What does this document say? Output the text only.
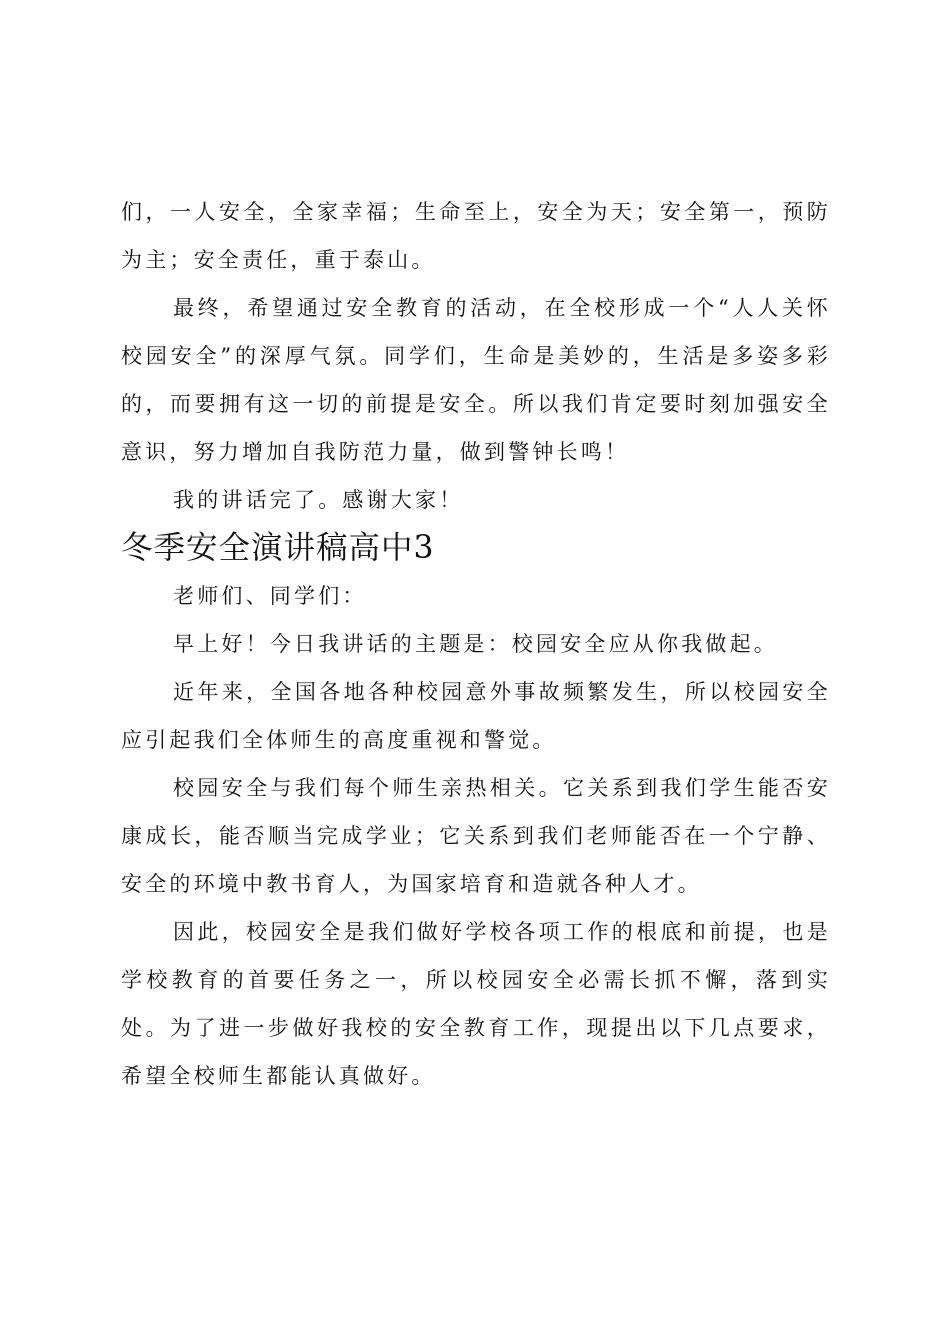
们，一人安全，全家幸福；生命至上，安全为天；安全第一，预防为主；安全责任，重于泰山。

最终，希望通过安全教育的活动，在全校形成一个“人人关怀校园安全”的深厚气氛。同学们，生命是美妙的，生活是多姿多彩的，而要拥有这一切的前提是安全。所以我们肯定要时刻加强安全意识，努力增加自我防范力量，做到警钟长鸣！

我的讲话完了。感谢大家！

冬季安全演讲稿高中3

老师们、同学们：

早上好！今日我讲话的主题是：校园安全应从你我做起。

近年来，全国各地各种校园意外事故频繁发生，所以校园安全应引起我们全体师生的高度重视和警觉。

校园安全与我们每个师生亲热相关。它关系到我们学生能否安康成长，能否顺当完成学业；它关系到我们老师能否在一个宁静、安全的环境中教书育人，为国家培育和造就各种人才。

因此，校园安全是我们做好学校各项工作的根底和前提，也是学校教育的首要任务之一，所以校园安全必需长抓不懈，落到实处。为了进一步做好我校的安全教育工作，现提出以下几点要求，希望全校师生都能认真做好。
